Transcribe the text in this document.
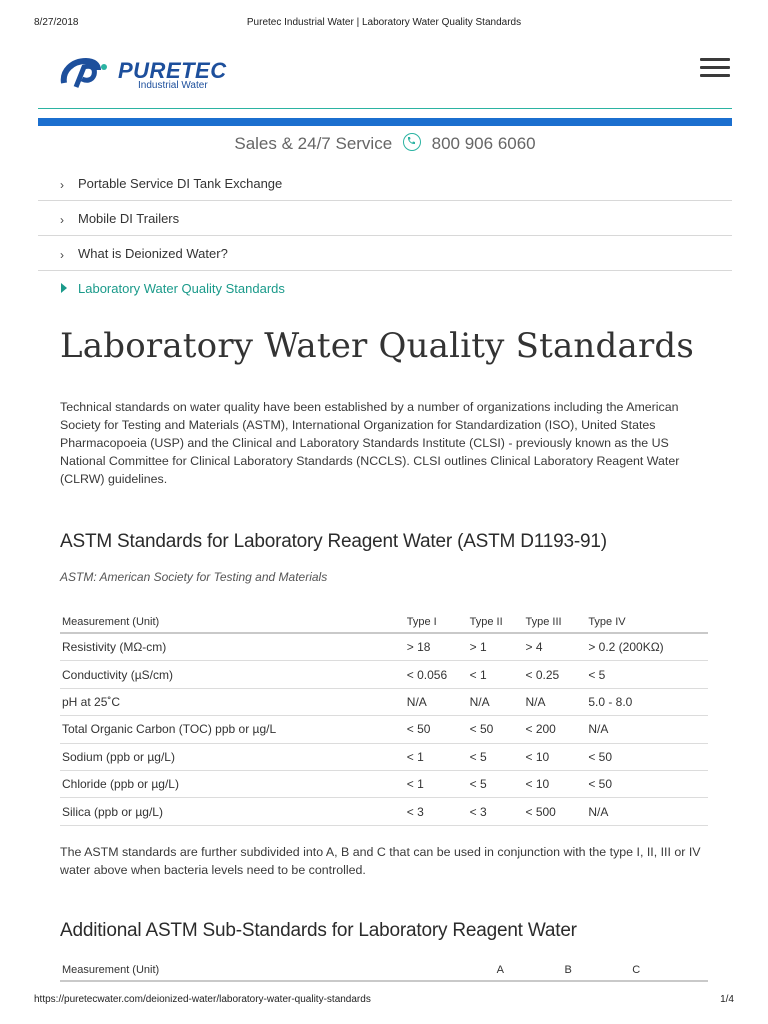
8/27/2018	Puretec Industrial Water | Laboratory Water Quality Standards
PURETEC
Industrial Water
Sales & 24/7 Service 800 906 6060
› Portable Service DI Tank Exchange
› Mobile DI Trailers
› What is Deionized Water?
Laboratory Water Quality Standards
Laboratory Water Quality Standards

Technical standards on water quality have been established by a number of organizations including the American Society for Testing and Materials (ASTM), International Organization for Standardization (ISO), United States Pharmacopoeia (USP) and the Clinical and Laboratory Standards Institute (CLSI) - previously known as the US National Committee for Clinical Laboratory Standards (NCCLS). CLSI outlines Clinical Laboratory Reagent Water (CLRW) guidelines.

ASTM Standards for Laboratory Reagent Water (ASTM D1193-91)
ASTM: American Society for Testing and Materials
Measurement (Unit)	Type I	Type II	Type III	Type IV
Resistivity (MΩ-cm)	> 18	> 1	> 4	> 0.2 (200KΩ)
Conductivity (µS/cm)	< 0.056	< 1	< 0.25	< 5
pH at 25˚C	N/A	N/A	N/A	5.0 - 8.0
Total Organic Carbon (TOC) ppb or µg/L	< 50	< 50	< 200	N/A
Sodium (ppb or µg/L)	< 1	< 5	< 10	< 50
Chloride (ppb or µg/L)	< 1	< 5	< 10	< 50
Silica (ppb or µg/L)	< 3	< 3	< 500	N/A

The ASTM standards are further subdivided into A, B and C that can be used in conjunction with the type I, II, III or IV water above when bacteria levels need to be controlled.

Additional ASTM Sub-Standards for Laboratory Reagent Water
Measurement (Unit)	A	B	C
https://puretecwater.com/deionized-water/laboratory-water-quality-standards	1/4
